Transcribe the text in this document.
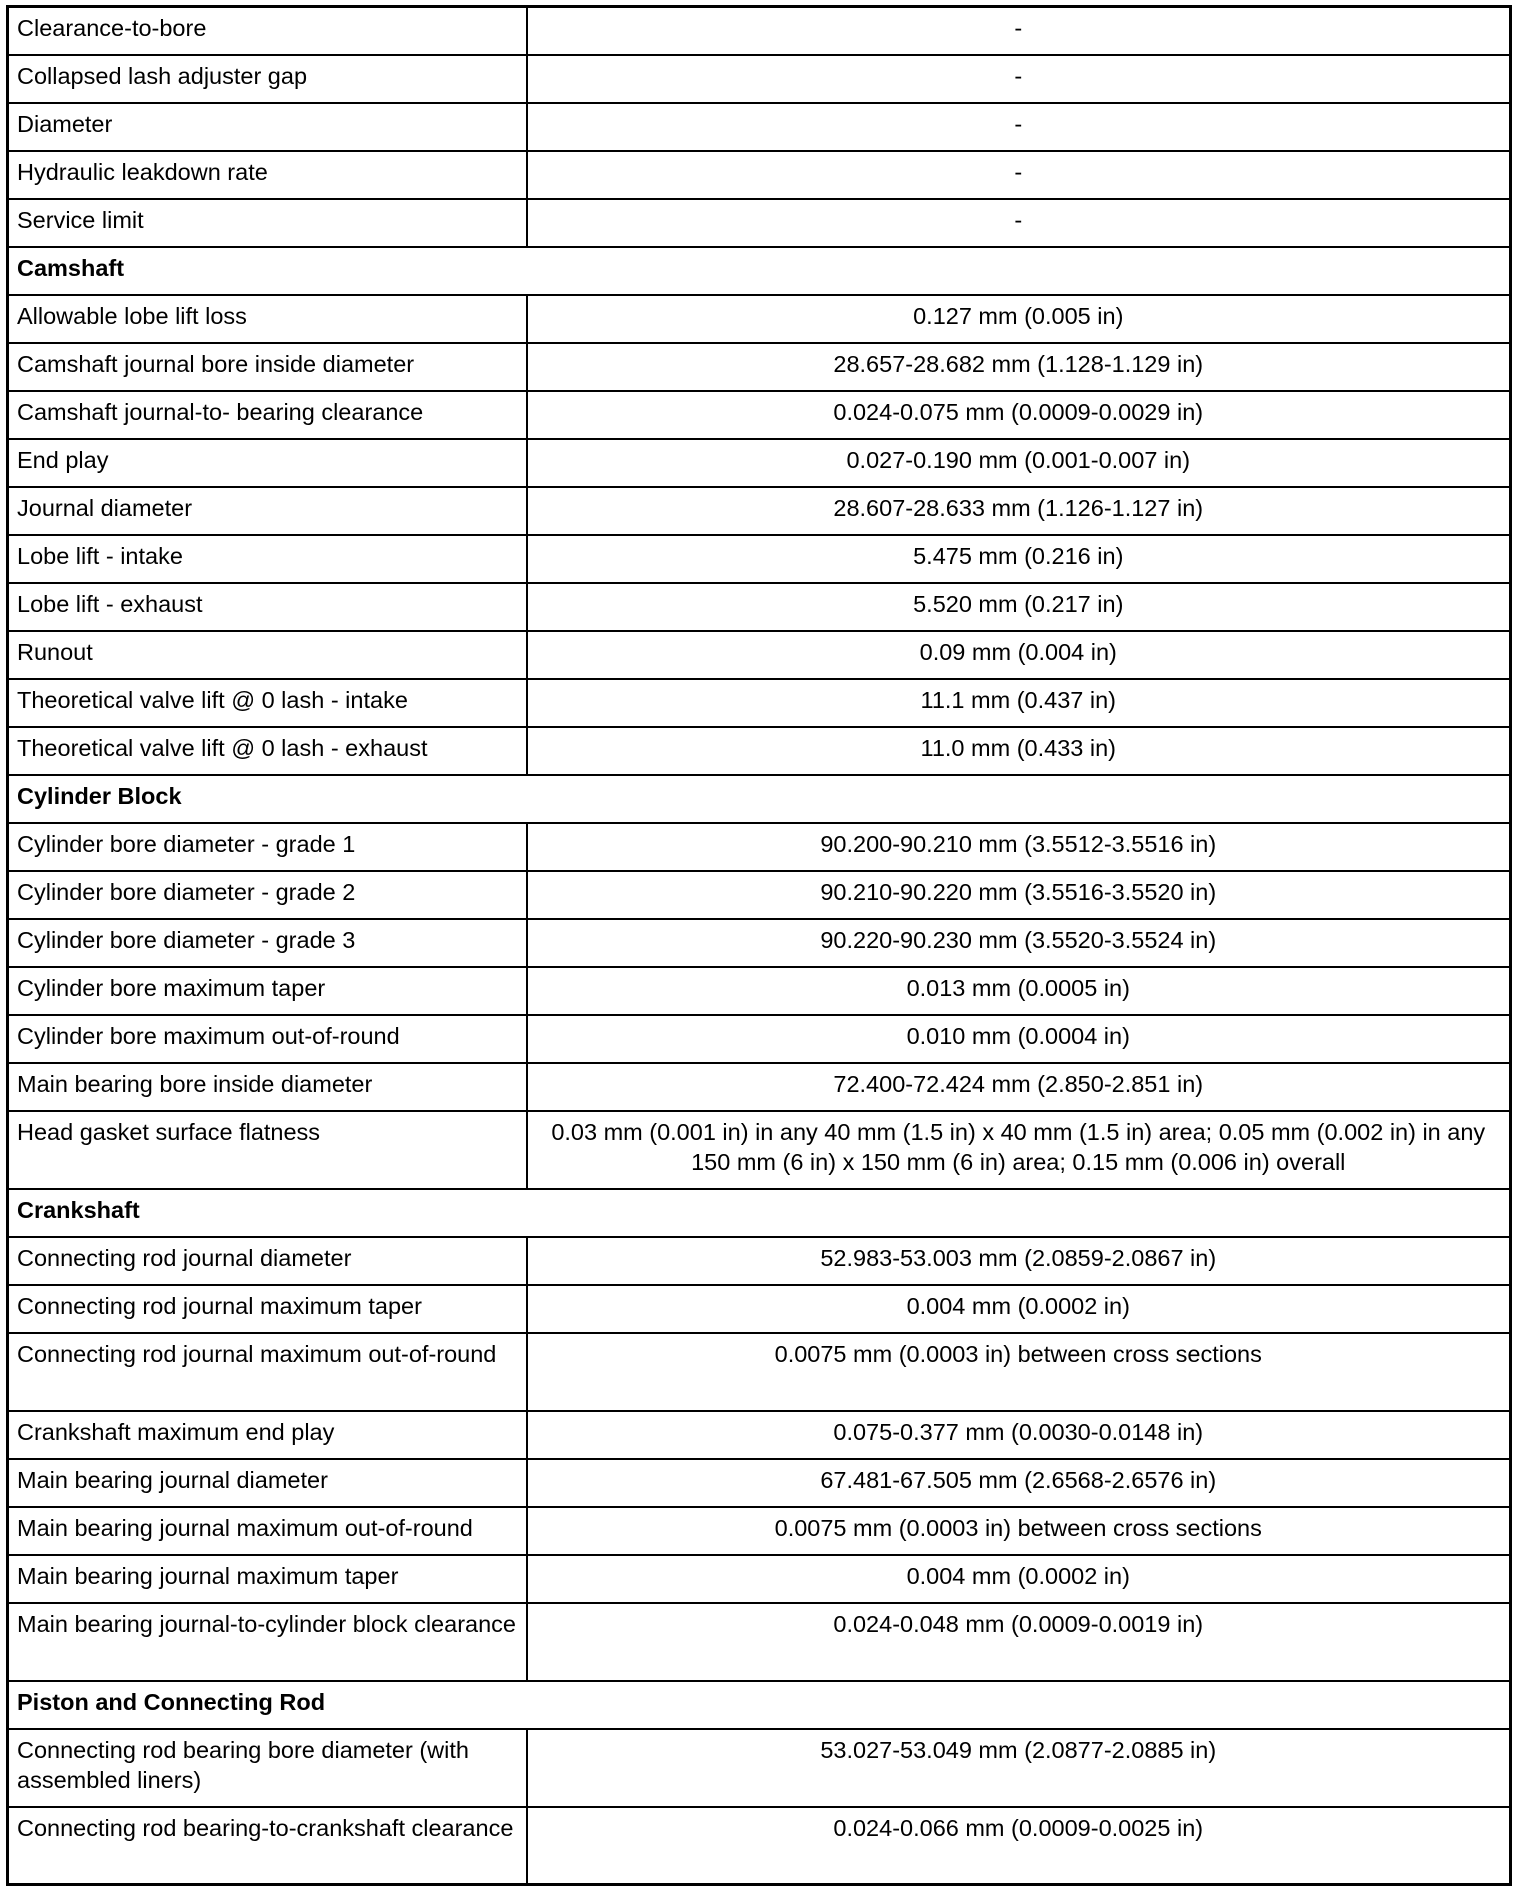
Clearance-to-bore	-
Collapsed lash adjuster gap	-
Diameter	-
Hydraulic leakdown rate	-
Service limit	-
Camshaft	
Allowable lobe lift loss	0.127 mm (0.005 in)
Camshaft journal bore inside diameter	28.657-28.682 mm (1.128-1.129 in)
Camshaft journal-to- bearing clearance	0.024-0.075 mm (0.0009-0.0029 in)
End play	0.027-0.190 mm (0.001-0.007 in)
Journal diameter	28.607-28.633 mm (1.126-1.127 in)
Lobe lift - intake	5.475 mm (0.216 in)
Lobe lift - exhaust	5.520 mm (0.217 in)
Runout	0.09 mm (0.004 in)
Theoretical valve lift @ 0 lash - intake	11.1 mm (0.437 in)
Theoretical valve lift @ 0 lash - exhaust	11.0 mm (0.433 in)
Cylinder Block	
Cylinder bore diameter - grade 1	90.200-90.210 mm (3.5512-3.5516 in)
Cylinder bore diameter - grade 2	90.210-90.220 mm (3.5516-3.5520 in)
Cylinder bore diameter - grade 3	90.220-90.230 mm (3.5520-3.5524 in)
Cylinder bore maximum taper	0.013 mm (0.0005 in)
Cylinder bore maximum out-of-round	0.010 mm (0.0004 in)
Main bearing bore inside diameter	72.400-72.424 mm (2.850-2.851 in)
Head gasket surface flatness	0.03 mm (0.001 in) in any 40 mm (1.5 in) x 40 mm (1.5 in) area; 0.05 mm (0.002 in) in any 150 mm (6 in) x 150 mm (6 in) area; 0.15 mm (0.006 in) overall
Crankshaft	
Connecting rod journal diameter	52.983-53.003 mm (2.0859-2.0867 in)
Connecting rod journal maximum taper	0.004 mm (0.0002 in)
Connecting rod journal maximum out-of-round	0.0075 mm (0.0003 in) between cross sections
Crankshaft maximum end play	0.075-0.377 mm (0.0030-0.0148 in)
Main bearing journal diameter	67.481-67.505 mm (2.6568-2.6576 in)
Main bearing journal maximum out-of-round	0.0075 mm (0.0003 in) between cross sections
Main bearing journal maximum taper	0.004 mm (0.0002 in)
Main bearing journal-to-cylinder block clearance	0.024-0.048 mm (0.0009-0.0019 in)
Piston and Connecting Rod	
Connecting rod bearing bore diameter (with assembled liners)	53.027-53.049 mm (2.0877-2.0885 in)
Connecting rod bearing-to-crankshaft clearance	0.024-0.066 mm (0.0009-0.0025 in)
